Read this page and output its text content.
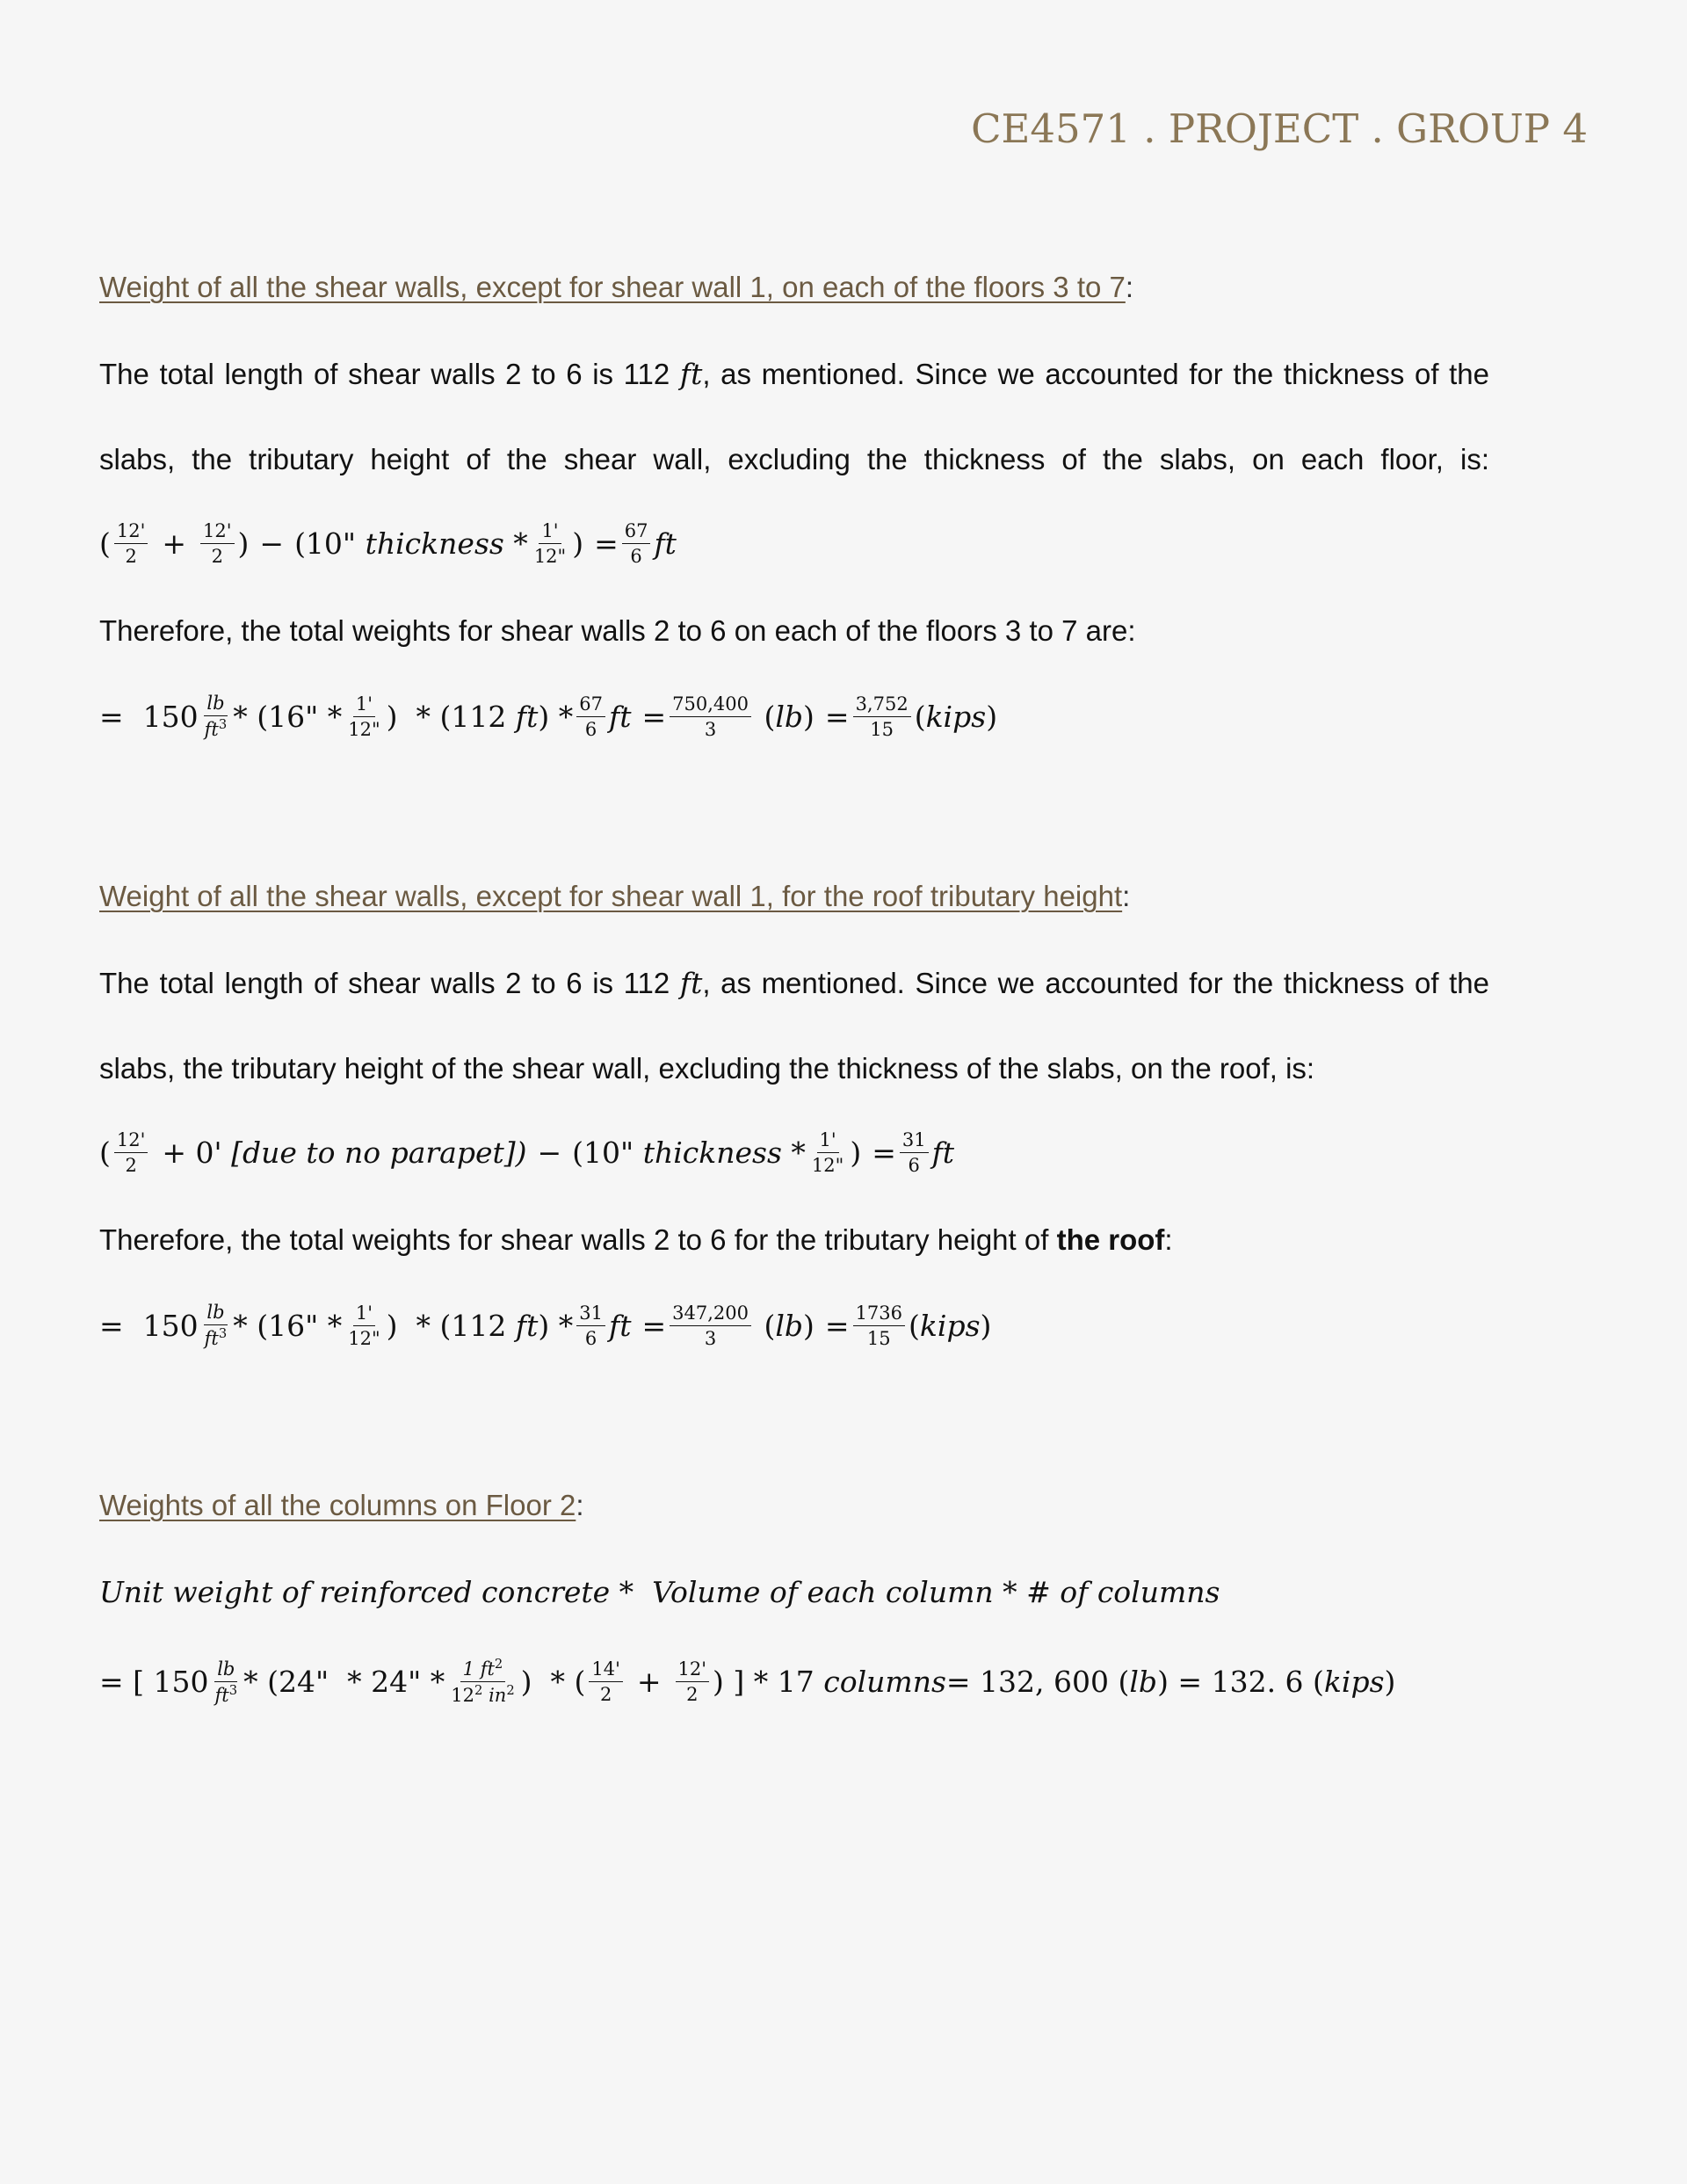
CE4571 . PROJECT . GROUP 4
Weight of all the shear walls, except for shear wall 1, on each of the floors 3 to 7:
The total length of shear walls 2 to 6 is 112 ft, as mentioned. Since we accounted for the thickness of the
slabs, the tributary height of the shear wall, excluding the thickness of the slabs, on each floor, is:
( $\frac{12'}{2} + \frac{12'}{2}$ )
− (10"
thickness * $\frac{1'}{12"}$ )
= $\frac{67}{6}$ ft
Therefore, the total weights for shear walls 2 to 6 on each of the floors 3 to 7 are:
= $150 \frac{lb}{ft^3} * (16$" * $\frac{1'}{12"}$ )  * (112
ft ) * $\frac{67}{6}$ ft = $\frac{750,400}{3}$ ( lb ) = $\frac{3,752}{15}$ ( kips )
Weight of all the shear walls, except for shear wall 1, for the roof tributary height:
The total length of shear walls 2 to 6 is 112 ft, as mentioned. Since we accounted for the thickness of the
slabs, the tributary height of the shear wall, excluding the thickness of the slabs, on the roof, is:
( $\frac{12'}{2} + 0'$
[due to no parapet]) − (10"
thickness * $\frac{1'}{12"}$ )
= $\frac{31}{6}$ ft
Therefore, the total weights for shear walls 2 to 6 for the tributary height of the roof:
= $150 \frac{lb}{ft^3} * (16$" * $\frac{1'}{12"}$ )  * (112
ft ) * $\frac{31}{6}$ ft = $\frac{347,200}{3}$ ( lb ) = $\frac{1736}{15}$ ( kips )
Weights of all the columns on Floor 2:
Unit weight of reinforced concrete *  Volume of each column * # of columns
= [ $150 \frac{lb}{ft^3} * (24$"  * 24" * $\frac{1 ft^2}{12^2 in^2}$ )  * ( $\frac{14'}{2} + \frac{12'}{2}$ ) ] * 17
columns = 132, 600 ( lb ) = 132. 6 ( kips )
